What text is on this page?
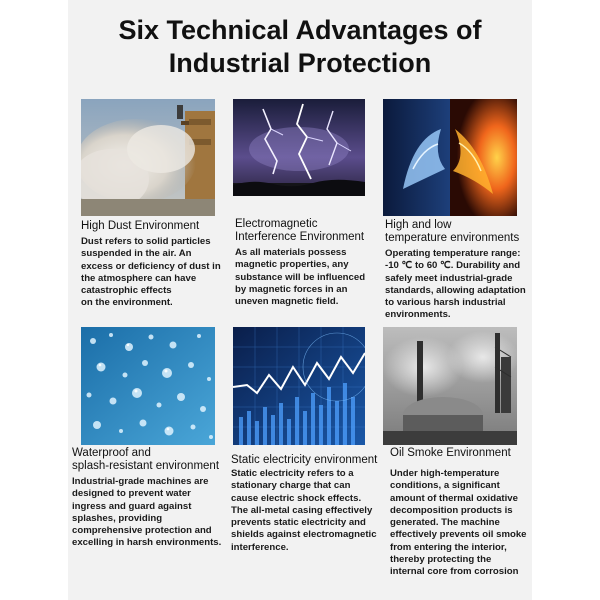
Six Technical Advantages of
Industrial Protection
High Dust Environment

Dust refers to solid particles
suspended in the air. An
excess or deficiency of dust in
the atmosphere can have
catastrophic effects
on the environment.

Electromagnetic
Interference Environment

As all materials possess
magnetic properties, any
substance will be influenced
by magnetic forces in an
uneven magnetic field.

High and low
temperature environments

Operating temperature range:
-10 ℃ to 60 ℃. Durability and
safely meet industrial-grade
standards, allowing adaptation
to various harsh industrial
environments.

Waterproof and
splash-resistant environment

Industrial-grade machines are
designed to prevent water
ingress and guard against
splashes, providing
comprehensive protection and
excelling in harsh environments.

Static electricity environment

Static electricity refers to a
stationary charge that can
cause electric shock effects.
The all-metal casing effectively
prevents static electricity and
shields against electromagnetic
interference.

Oil Smoke Environment

Under high-temperature
conditions, a significant
amount of thermal oxidative
decomposition products is
generated. The machine
effectively prevents oil smoke
from entering the interior,
thereby protecting the
internal core from corrosion
